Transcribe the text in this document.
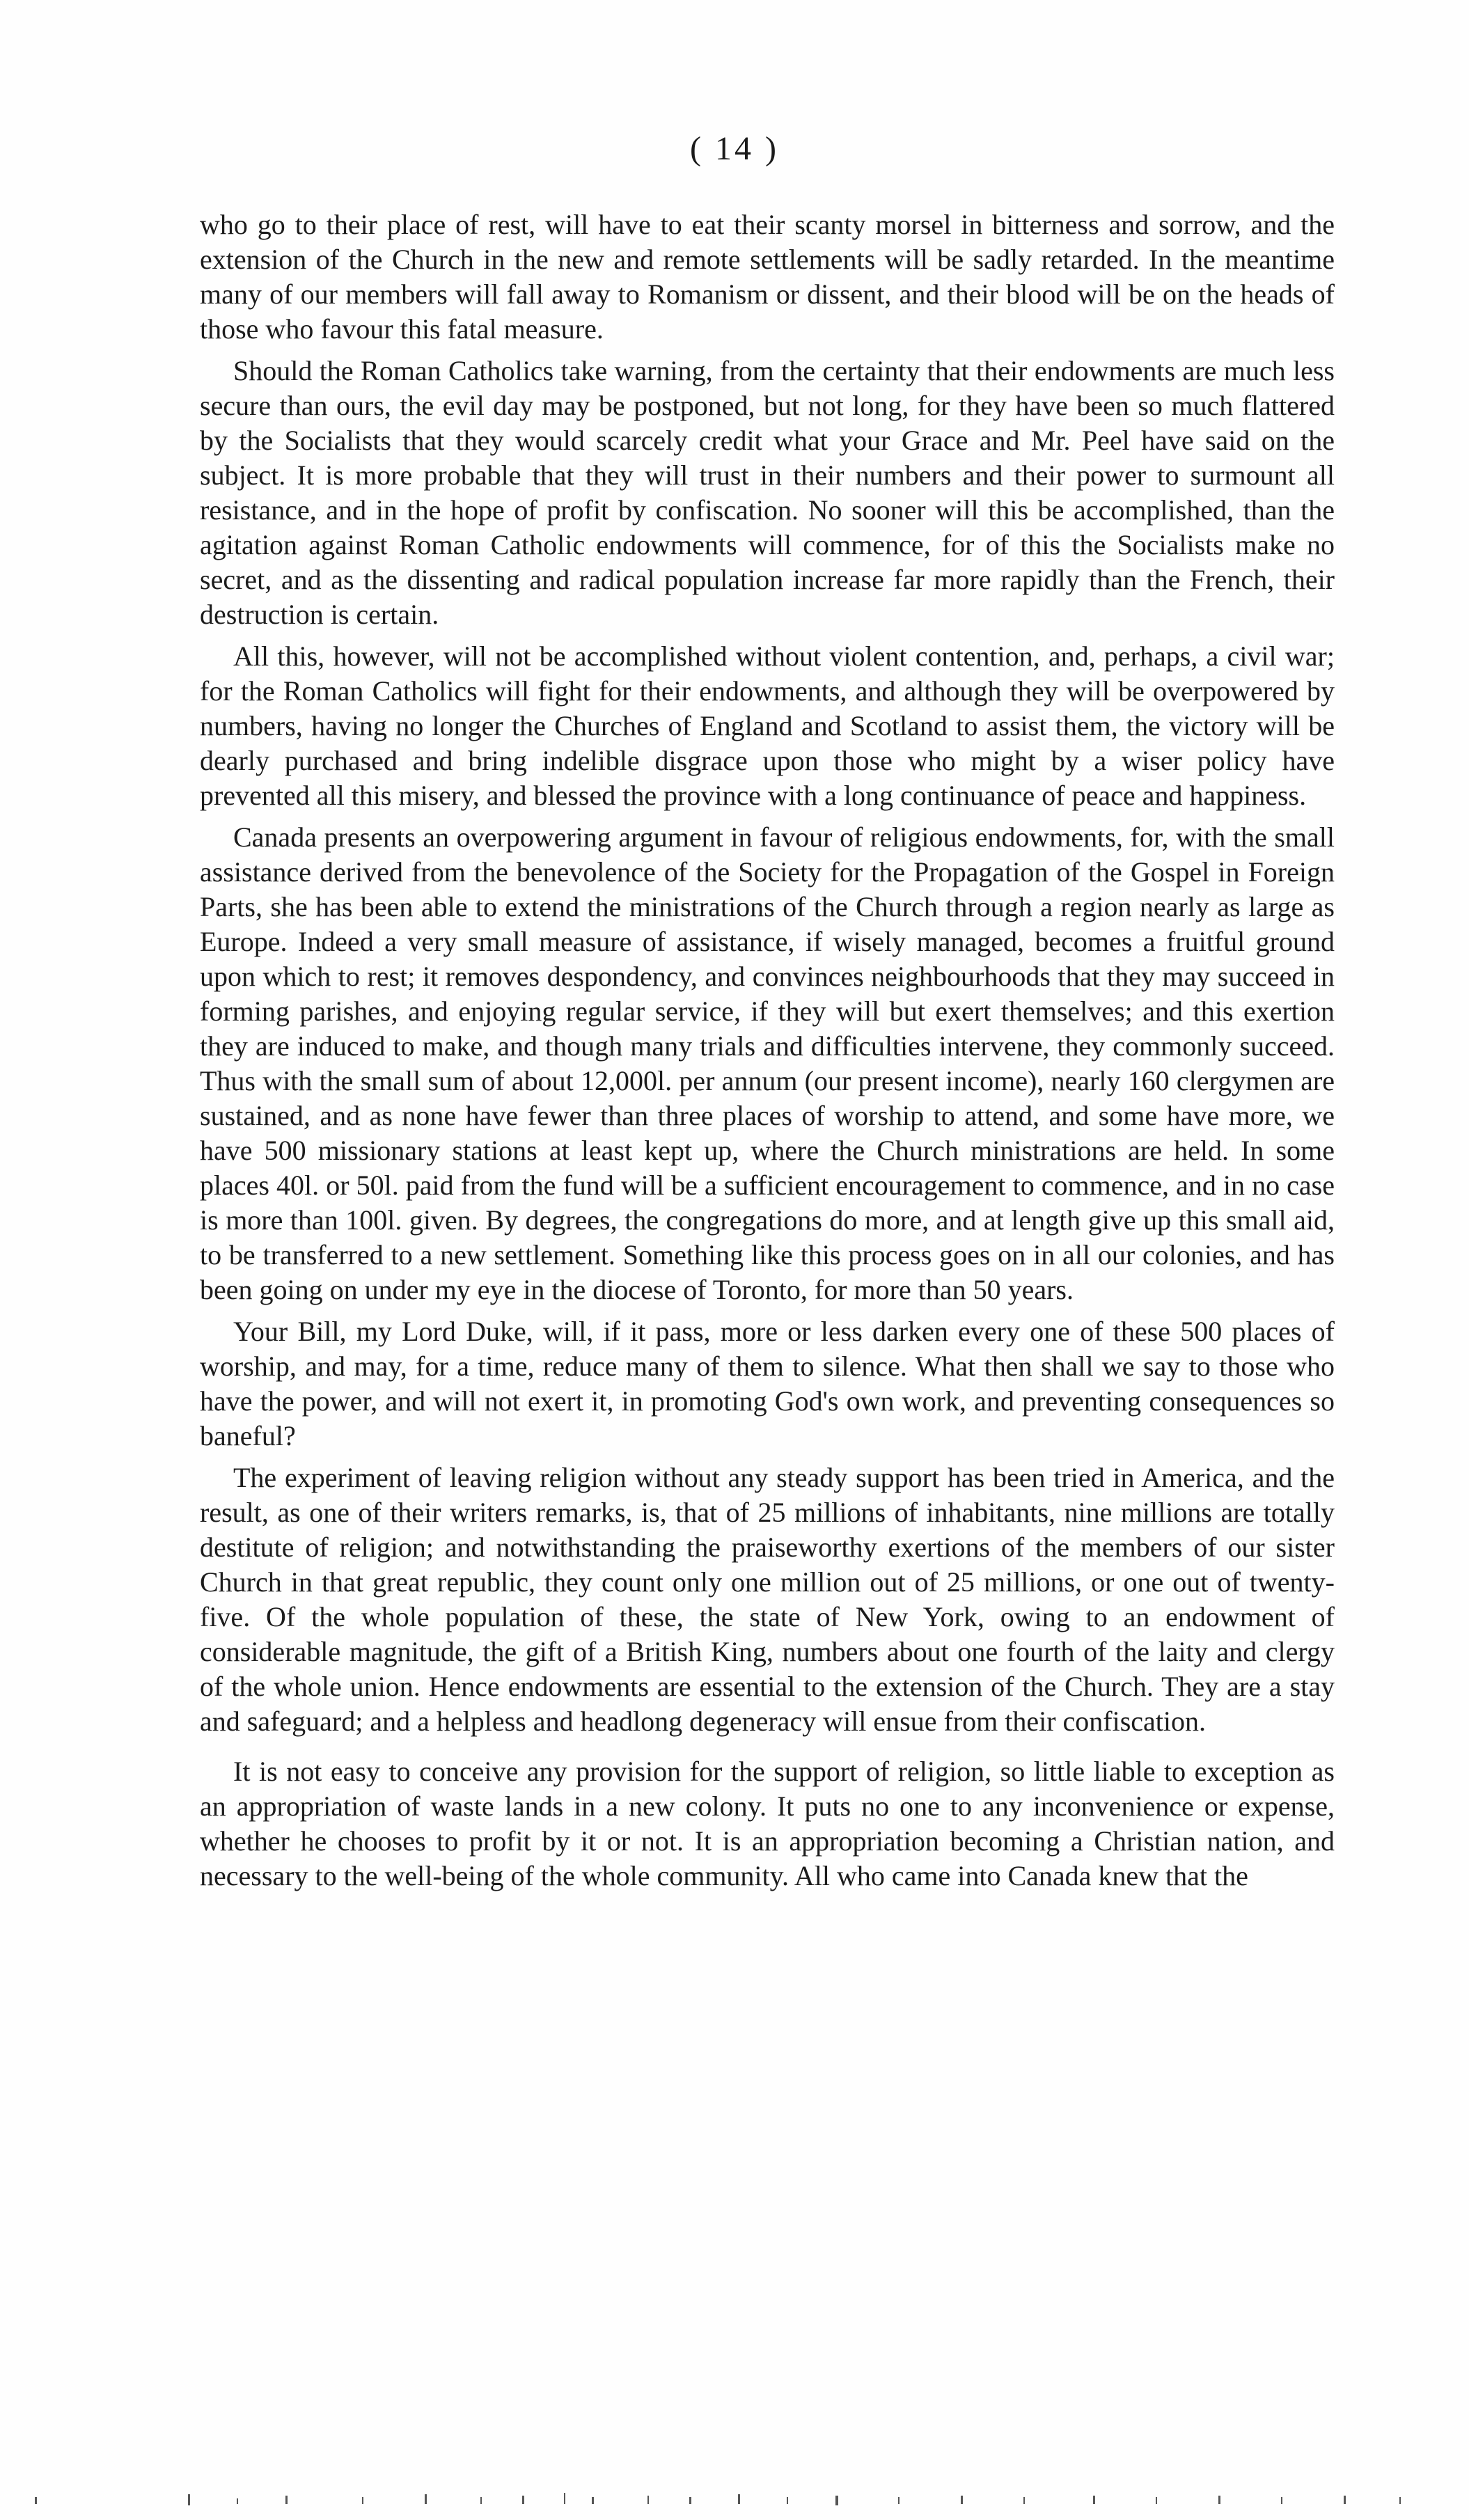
( 14 )

who go to their place of rest, will have to eat their scanty morsel in bitterness and sorrow, and the extension of the Church in the new and remote settlements will be sadly retarded. In the meantime many of our members will fall away to Romanism or dissent, and their blood will be on the heads of those who favour this fatal measure.

Should the Roman Catholics take warning, from the certainty that their endowments are much less secure than ours, the evil day may be postponed, but not long, for they have been so much flattered by the Socialists that they would scarcely credit what your Grace and Mr. Peel have said on the subject. It is more probable that they will trust in their numbers and their power to surmount all resistance, and in the hope of profit by confiscation. No sooner will this be accomplished, than the agitation against Roman Catholic endowments will commence, for of this the Socialists make no secret, and as the dissenting and radical population increase far more rapidly than the French, their destruction is certain.

All this, however, will not be accomplished without violent contention, and, perhaps, a civil war; for the Roman Catholics will fight for their endowments, and although they will be overpowered by numbers, having no longer the Churches of England and Scotland to assist them, the victory will be dearly purchased and bring indelible disgrace upon those who might by a wiser policy have prevented all this misery, and blessed the province with a long continuance of peace and happiness.

Canada presents an overpowering argument in favour of religious endowments, for, with the small assistance derived from the benevolence of the Society for the Propagation of the Gospel in Foreign Parts, she has been able to extend the ministrations of the Church through a region nearly as large as Europe. Indeed a very small measure of assistance, if wisely managed, becomes a fruitful ground upon which to rest; it removes despondency, and convinces neighbourhoods that they may succeed in forming parishes, and enjoying regular service, if they will but exert themselves; and this exertion they are induced to make, and though many trials and difficulties intervene, they commonly succeed. Thus with the small sum of about 12,000l. per annum (our present income), nearly 160 clergymen are sustained, and as none have fewer than three places of worship to attend, and some have more, we have 500 missionary stations at least kept up, where the Church ministrations are held. In some places 40l. or 50l. paid from the fund will be a sufficient encouragement to commence, and in no case is more than 100l. given. By degrees, the congregations do more, and at length give up this small aid, to be transferred to a new settlement. Something like this process goes on in all our colonies, and has been going on under my eye in the diocese of Toronto, for more than 50 years.

Your Bill, my Lord Duke, will, if it pass, more or less darken every one of these 500 places of worship, and may, for a time, reduce many of them to silence. What then shall we say to those who have the power, and will not exert it, in promoting God's own work, and preventing consequences so baneful?

The experiment of leaving religion without any steady support has been tried in America, and the result, as one of their writers remarks, is, that of 25 millions of inhabitants, nine millions are totally destitute of religion; and notwithstanding the praiseworthy exertions of the members of our sister Church in that great republic, they count only one million out of 25 millions, or one out of twenty-five. Of the whole population of these, the state of New York, owing to an endowment of considerable magnitude, the gift of a British King, numbers about one fourth of the laity and clergy of the whole union. Hence endowments are essential to the extension of the Church. They are a stay and safeguard; and a helpless and headlong degeneracy will ensue from their confiscation.

It is not easy to conceive any provision for the support of religion, so little liable to exception as an appropriation of waste lands in a new colony. It puts no one to any inconvenience or expense, whether he chooses to profit by it or not. It is an appropriation becoming a Christian nation, and necessary to the well-being of the whole community. All who came into Canada knew that the
